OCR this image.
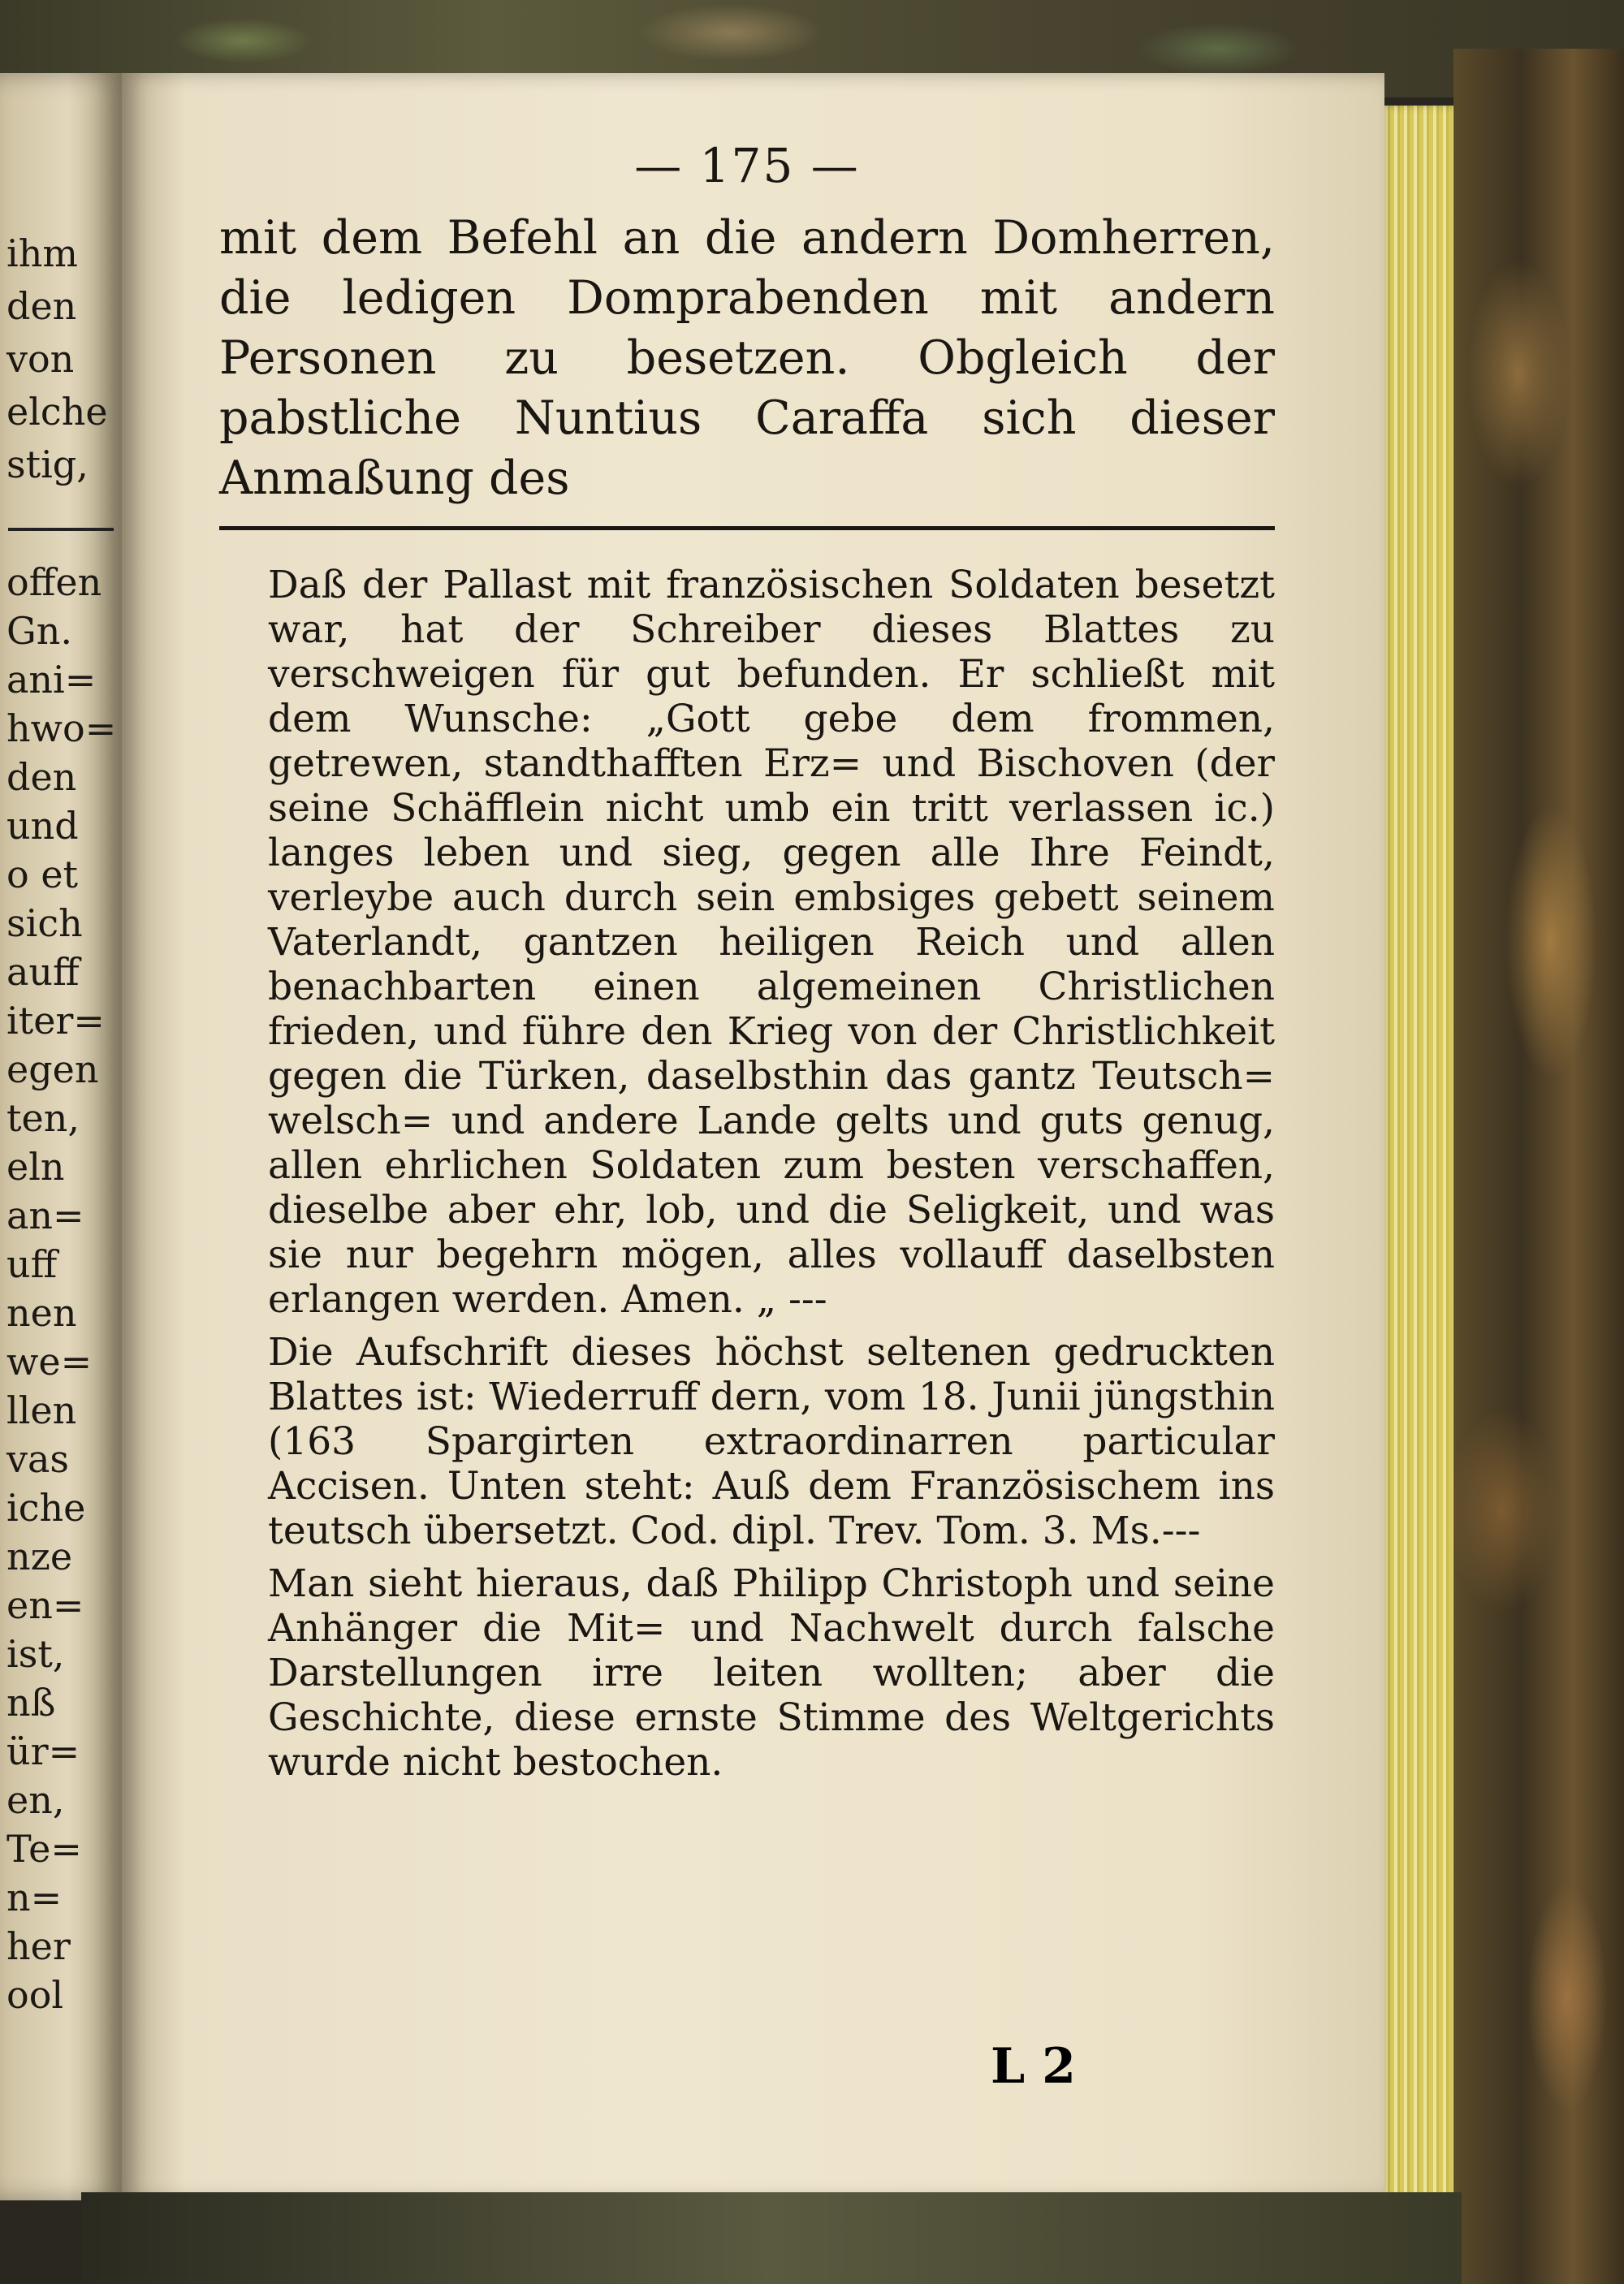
ihm
den
von
elche
stig,
offen
Gn.
ani=
hwo=
den
und
o et
sich
auff
iter=
egen
ten,
eln
an=
uff
nen
we=
llen
vas
iche
nze
en=
ist,
nß
ür=
en,
Te=
n=
her
ool
— 175 —

mit dem Befehl an die andern Domherren, die ledigen Domprabenden mit andern Personen zu besetzen. Obgleich der pabstliche Nuntius Caraffa sich dieser Anmaßung des

Daß der Pallast mit französischen Soldaten besetzt war, hat der Schreiber dieses Blattes zu verschweigen für gut befunden. Er schließt mit dem Wunsche: „Gott gebe dem frommen, getrewen, standthafften Erz= und Bischoven (der seine Schäfflein nicht umb ein tritt verlassen ic.) langes leben und sieg, gegen alle Ihre Feindt, verleybe auch durch sein embsiges gebett seinem Vaterlandt, gantzen heiligen Reich und allen benachbarten einen algemeinen Christlichen frieden, und führe den Krieg von der Christlichkeit gegen die Türken, daselbsthin das gantz Teutsch= welsch= und andere Lande gelts und guts genug, allen ehrlichen Soldaten zum besten verschaffen, dieselbe aber ehr, lob, und die Seligkeit, und was sie nur begehrn mögen, alles vollauff daselbsten erlangen werden. Amen. „ ---

Die Aufschrift dieses höchst seltenen gedruckten Blattes ist: Wiederruff dern, vom 18. Junii jüngsthin (163 Spargirten extraordinarren particular Accisen. Unten steht: Auß dem Französischem ins teutsch übersetzt. Cod. dipl. Trev. Tom. 3. Ms.---

Man sieht hieraus, daß Philipp Christoph und seine Anhänger die Mit= und Nachwelt durch falsche Darstellungen irre leiten wollten; aber die Geschichte, diese ernste Stimme des Weltgerichts wurde nicht bestochen.

L 2
